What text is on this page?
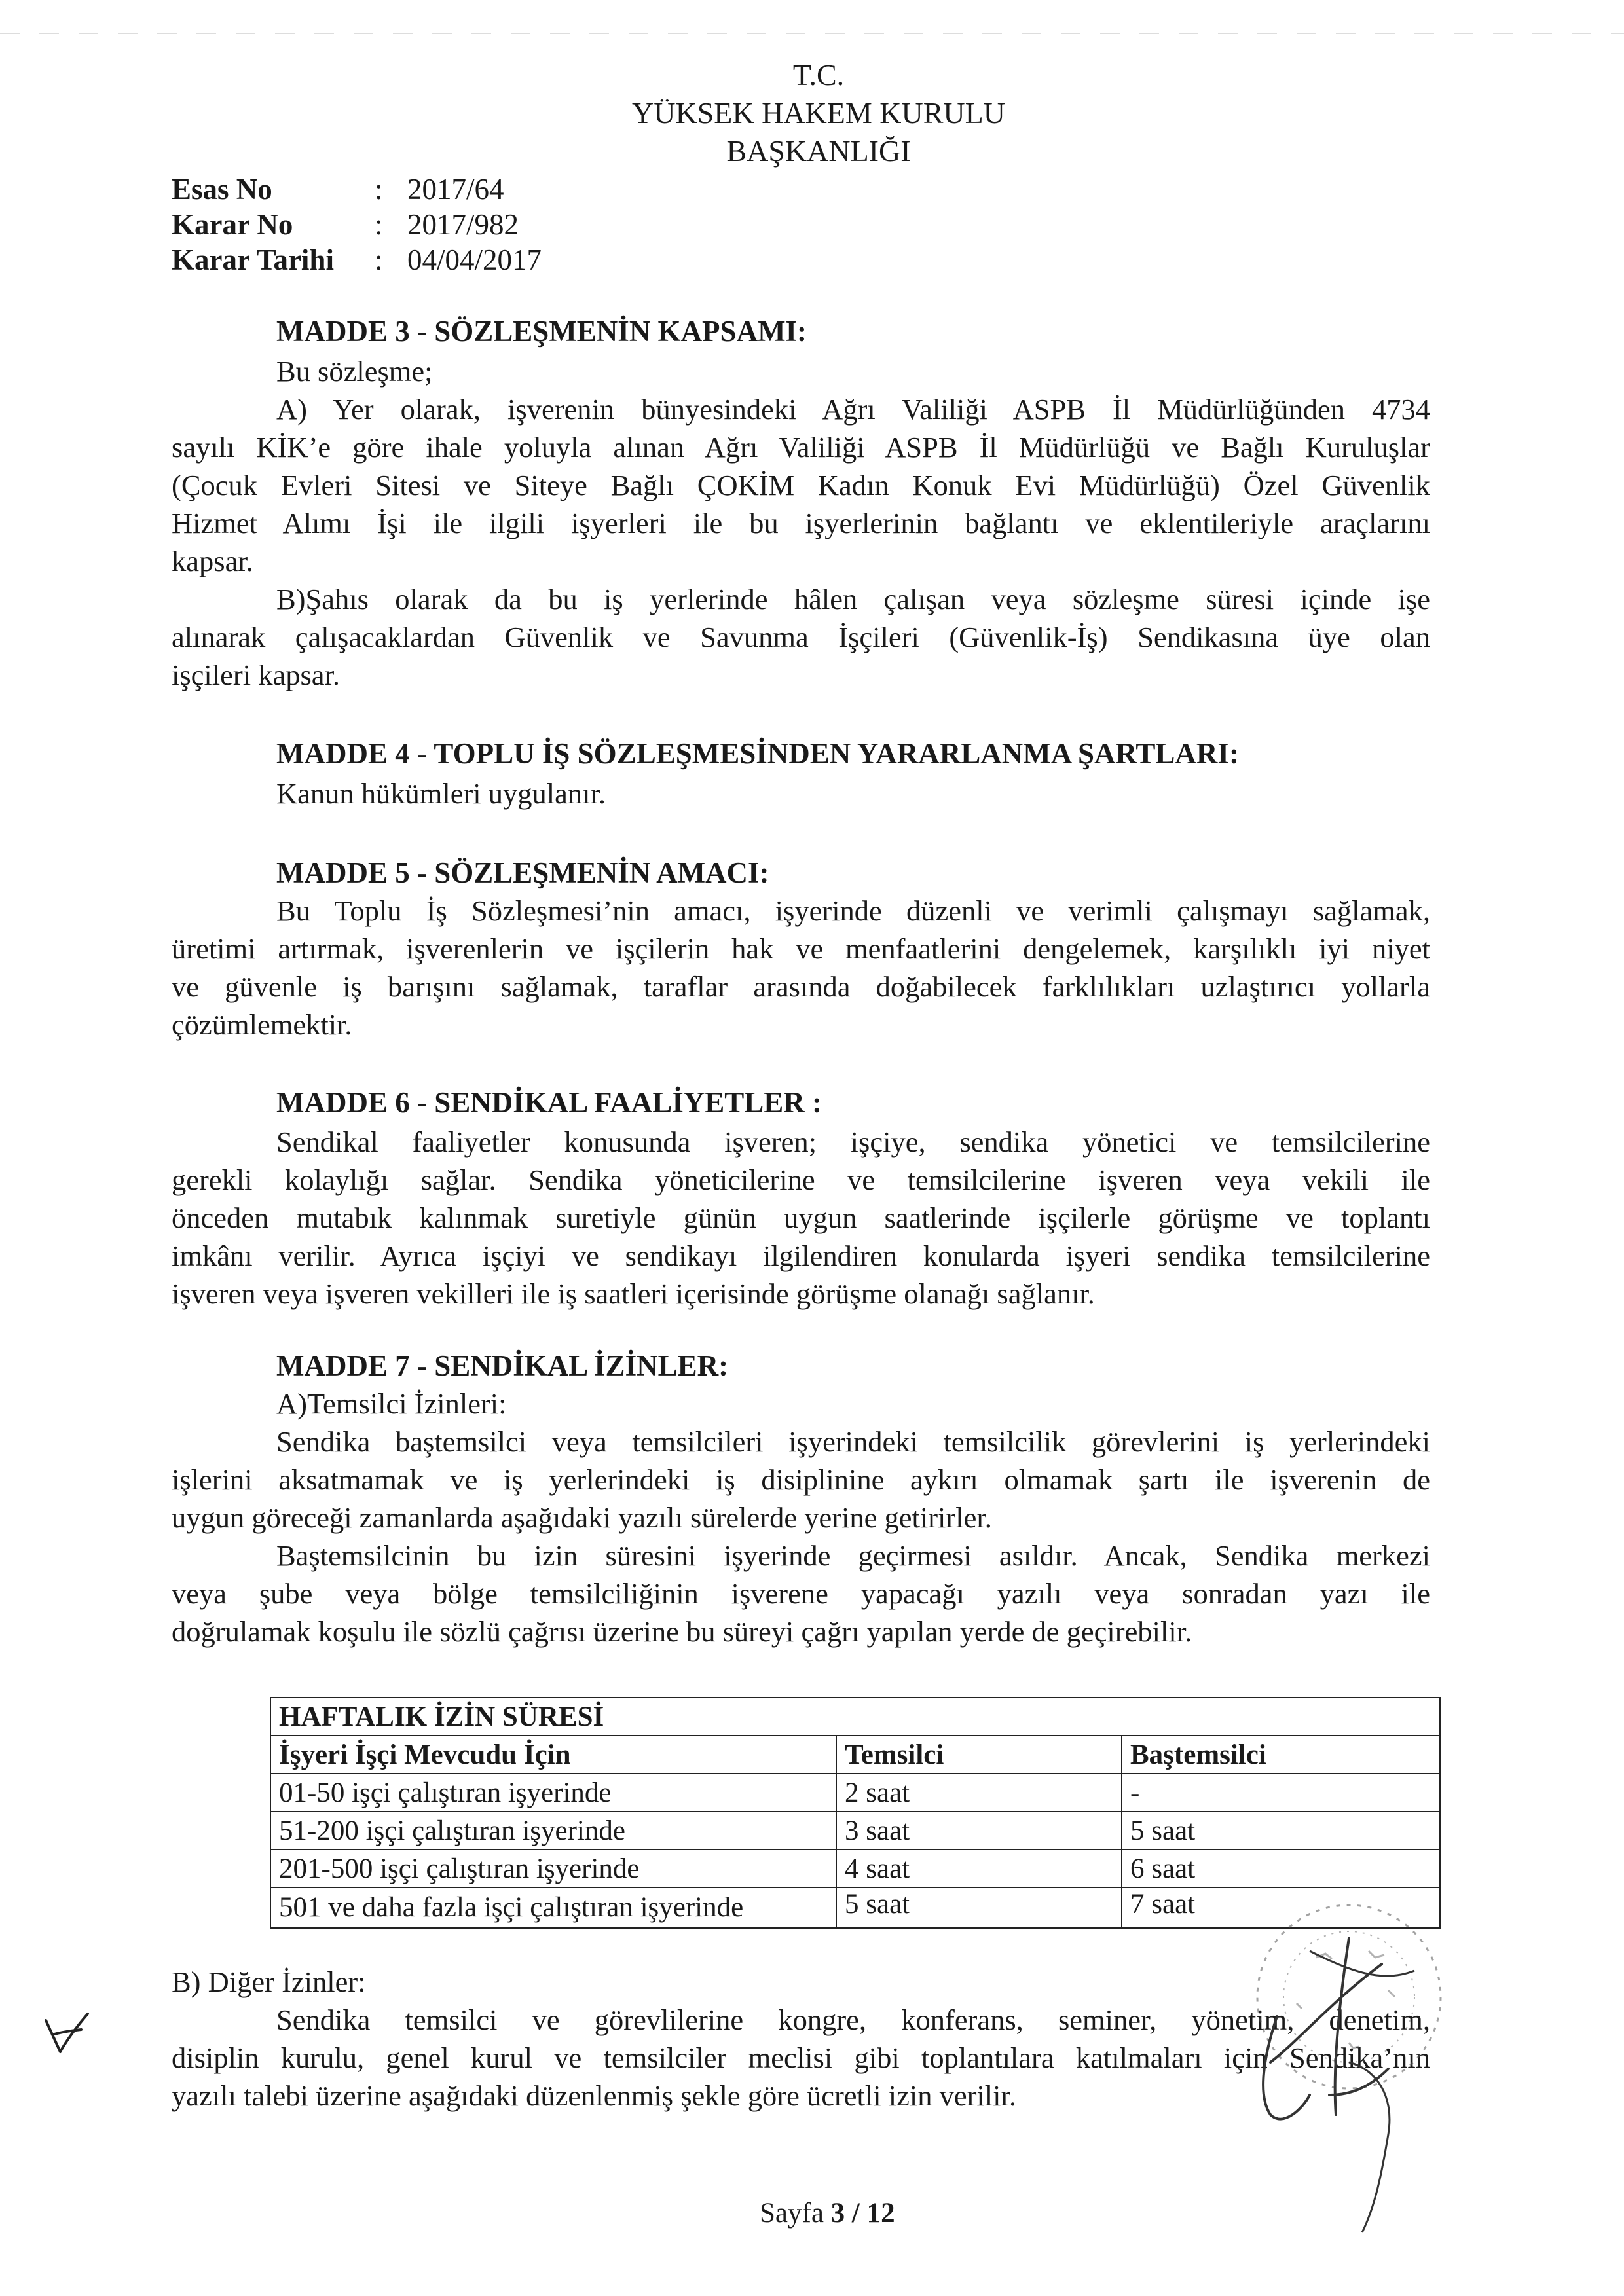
T.C.
YÜKSEK HAKEM KURULU
BAŞKANLIĞI
Esas No	: 2017/64
Karar No	: 2017/982
Karar Tarihi : 04/04/2017
MADDE 3 - SÖZLEŞMENİN KAPSAMI:
Bu sözleşme;
A) Yer olarak, işverenin bünyesindeki Ağrı Valiliği ASPB İl Müdürlüğünden 4734
sayılı KİK’e göre ihale yoluyla alınan Ağrı Valiliği ASPB İl Müdürlüğü ve Bağlı Kuruluşlar
(Çocuk Evleri Sitesi ve Siteye Bağlı ÇOKİM Kadın Konuk Evi Müdürlüğü) Özel Güvenlik
Hizmet Alımı İşi ile ilgili işyerleri ile bu işyerlerinin bağlantı ve eklentileriyle araçlarını
kapsar.
B)Şahıs olarak da bu iş yerlerinde hâlen çalışan veya sözleşme süresi içinde işe
alınarak çalışacaklardan Güvenlik ve Savunma İşçileri (Güvenlik-İş) Sendikasına üye olan
işçileri kapsar.
MADDE 4 - TOPLU İŞ SÖZLEŞMESİNDEN YARARLANMA ŞARTLARI:
Kanun hükümleri uygulanır.
MADDE 5 - SÖZLEŞMENİN AMACI:
Bu Toplu İş Sözleşmesi’nin amacı, işyerinde düzenli ve verimli çalışmayı sağlamak,
üretimi artırmak, işverenlerin ve işçilerin hak ve menfaatlerini dengelemek, karşılıklı iyi niyet
ve güvenle iş barışını sağlamak, taraflar arasında doğabilecek farklılıkları uzlaştırıcı yollarla
çözümlemektir.
MADDE 6 - SENDİKAL FAALİYETLER :
Sendikal faaliyetler konusunda işveren; işçiye, sendika yönetici ve temsilcilerine
gerekli kolaylığı sağlar. Sendika yöneticilerine ve temsilcilerine işveren veya vekili ile
önceden mutabık kalınmak suretiyle günün uygun saatlerinde işçilerle görüşme ve toplantı
imkânı verilir. Ayrıca işçiyi ve sendikayı ilgilendiren konularda işyeri sendika temsilcilerine
işveren veya işveren vekilleri ile iş saatleri içerisinde görüşme olanağı sağlanır.
MADDE 7 - SENDİKAL İZİNLER:
A)Temsilci İzinleri:
Sendika baştemsilci veya temsilcileri işyerindeki temsilcilik görevlerini iş yerlerindeki
işlerini aksatmamak ve iş yerlerindeki iş disiplinine aykırı olmamak şartı ile işverenin de
uygun göreceği zamanlarda aşağıdaki yazılı sürelerde yerine getirirler.
Baştemsilcinin bu izin süresini işyerinde geçirmesi asıldır. Ancak, Sendika merkezi
veya şube veya bölge temsilciliğinin işverene yapacağı yazılı veya sonradan yazı ile
doğrulamak koşulu ile sözlü çağrısı üzerine bu süreyi çağrı yapılan yerde de geçirebilir.
HAFTALIK İZİN SÜRESİ		
İşyeri İşçi Mevcudu İçin	Temsilci	Baştemsilci
01-50 işçi çalıştıran işyerinde	2 saat	-
51-200 işçi çalıştıran işyerinde	3 saat	5 saat
201-500 işçi çalıştıran işyerinde	4 saat	6 saat
501 ve daha fazla işçi çalıştıran işyerinde	5 saat	7 saat
B) Diğer İzinler:
Sendika temsilci ve görevlilerine kongre, konferans, seminer, yönetim, denetim,
disiplin kurulu, genel kurul ve temsilciler meclisi gibi toplantılara katılmaları için Sendika’nın
yazılı talebi üzerine aşağıdaki düzenlenmiş şekle göre ücretli izin verilir.
Sayfa 3 / 12
